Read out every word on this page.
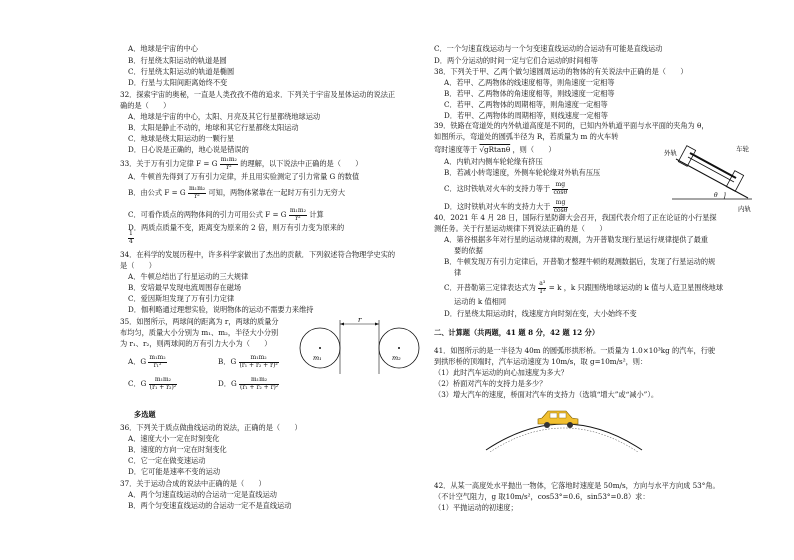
A．地球是宇宙的中心
B．行星绕太阳运动的轨道是圆
C．行星绕太阳运动的轨道是椭圆
D．行星与太阳间距离始终不变
32．探索宇宙的奥秘，一直是人类孜孜不倦的追求．下列关于宇宙及星体运动的说法正
确的是（　　）
A．地球是宇宙的中心，太阳、月亮及其它行星都绕地球运动
B．太阳是静止不动的，地球和其它行星都绕太阳运动
C．地球是绕太阳运动的一颗行星
D．日心说是正确的，地心说是错误的
33．关于万有引力定律 F = G $\frac{\text{m₁m₂}}{\text{r²}}$ 的理解，以下说法中正确的是（　　）
A．牛顿首先得到了万有引力定律，并且用实验测定了引力常量 G 的数值
B．由公式 F = G $\frac{\text{m₁m₂}}{\text{r²}}$ 可知，两物体紧靠在一起时万有引力无穷大
C．可看作质点的两物体间的引力可用公式 F = G $\frac{\text{m₁m₂}}{\text{r²}}$ 计算
D．两质点质量不变，距离变为原来的 2 倍，则万有引力变为原来的
$\frac{1}{4}$
34．在科学的发展历程中，许多科学家做出了杰出的贡献．下列叙述符合物理学史实的
是（　　）
A．牛顿总结出了行星运动的三大规律
B．安培最早发现电流周围存在磁场
C．爱因斯坦发现了万有引力定律
D．伽利略通过理想实验，说明物体的运动不需要力来维持
35．如图所示，两球间的距离为 r，两球的质量分
布均匀，质量大小分别为 m₁、m₂，半径大小分别
为 r₁、r₂，则两球间的万有引力大小为（　　）
r
m₁	m₂
A．G $\frac{\text{m₁m₂}}{\text{r₁²}}$	B．G $\frac{\text{m₁m₂}}{\text{(r₁ + r₂ + r)²}}$
C．G $\frac{\text{m₁m₂}}{\text{(r₁ + r₂)²}}$	D．G $\frac{\text{m₁m₂}}{\text{(r₁ + r₂ + r)²}}$
多选题
36．下列关于质点做曲线运动的说法，正确的是（　　）
A．速度大小一定在时刻变化
B．速度的方向一定在时刻变化
C．它一定在做变速运动
D．它可能是速率不变的运动
37．关于运动合成的说法中正确的是（　　）
A．两个匀速直线运动的合运动一定是直线运动
B．两个匀变速直线运动的合运动一定不是直线运动
C．一个匀速直线运动与一个匀变速直线运动的合运动有可能是直线运动
D．两个分运动的时间一定与它们合运动的时间相等
38．下列关于甲、乙两个做匀速圆周运动的物体的有关说法中正确的是（　　）
A．若甲、乙两物体的线速度相等，则角速度一定相等
B．若甲、乙两物体的角速度相等，则线速度一定相等
C．若甲、乙两物体的周期相等，则角速度一定相等
D．若甲、乙两物体的周期相等，则线速度一定相等
39．铁路在弯道处的内外轨道高度是不同的，已知内外轨道平面与水平面的夹角为 θ，
如图所示，弯道处的圆弧半径为 R，若质量为 m 的火车转
弯时速度等于 √gRtanθ ，则（　　）
A．内轨对内侧车轮轮缘有挤压
B．若减小转弯速度，外侧车轮轮缘对外轨有压压
C．这时铁轨对火车的支持力等于 $\frac{mg}{\cos\theta}$
D．这时铁轨对火车的支持力大于 $\frac{mg}{\cos\theta}$
外轨	车轮
内轨
θ
40．2021 年 4 月 28 日，国际行星防御大会召开，我国代表介绍了正在论证的小行星探
测任务。关于行星运动规律下列说法正确的是（　　）
A．第谷根据多年对行星的运动规律的观测，为开普勒发现行星运行规律提供了最重
要的依据
B．牛顿发现万有引力定律后，开普勒才整理牛顿的观测数据后，发现了行星运动的规
律
C．开普勒第三定律表达式为 $\frac{\text{a³}}{\text{T²}} = k$ ，k 只跟围绕地球运动的 k 值与人造卫星围绕地球
运动的 k 值相同
D．行星绕太阳运动时，线速度方向时刻在变，大小始终不变
二、计算题（共两题，41 题 8 分，42 题 12 分）
41．如图所示的是一半径为 40m 的圆弧形拱形桥。一质量为 1.0×10³kg 的汽车，行驶
到拱形桥的顶端时，汽车运动速度为 10m/s，取 g=10m/s²，则：
（1）此时汽车运动的向心加速度为多大？
（2）桥面对汽车的支持力是多少？
（3）增大汽车的速度，桥面对汽车的支持力（选填“增大”或“减小”）。
42．从某一高度处水平抛出一物体，它落地时速度是 50m/s，方向与水平方向成 53°角。
（不计空气阻力，g 取10m/s²，cos53°=0.6，sin53°=0.8）求：
（1）平抛运动的初速度；
